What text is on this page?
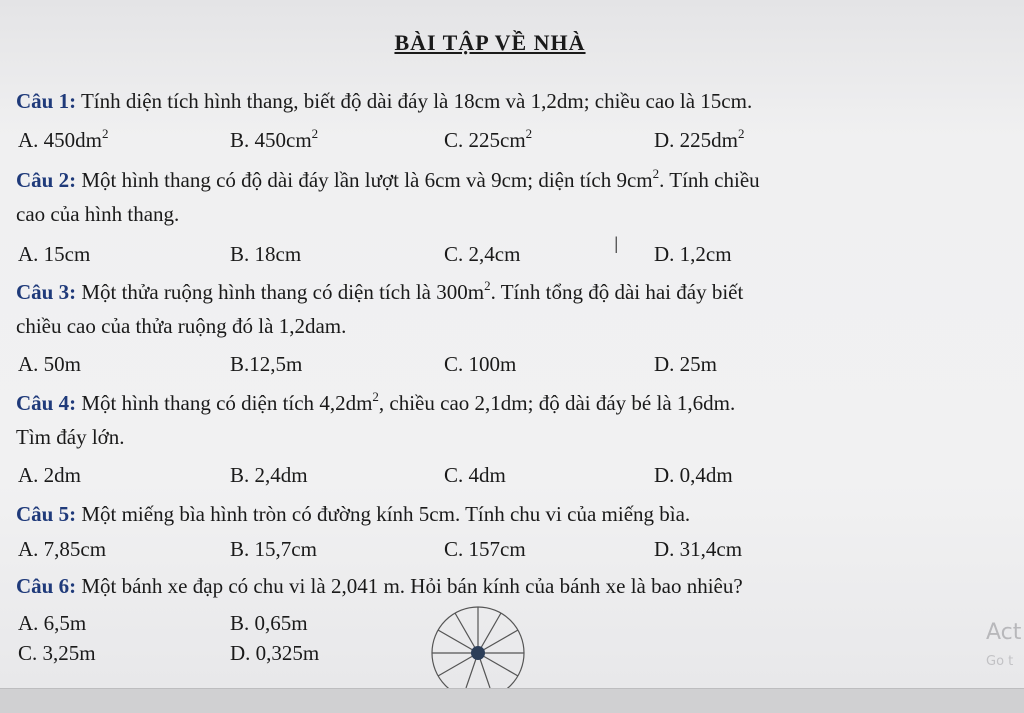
BÀI TẬP VỀ NHÀ
Câu 1: Tính diện tích hình thang, biết độ dài đáy là 18cm và 1,2dm; chiều cao là 15cm.
A. $450dm^2$	B. $450cm^2$	C. $225cm^2$	D. $225dm^2$
Câu 2: Một hình thang có độ dài đáy lần lượt là 6cm và 9cm; diện tích $9cm^2$. Tính chiều
cao của hình thang.
A. 15cm	B. 18cm	C. 2,4cm	D. 1,2cm
Câu 3: Một thửa ruộng hình thang có diện tích là $300m^2$. Tính tổng độ dài hai đáy biết
chiều cao của thửa ruộng đó là 1,2dam.
A. 50m	B.12,5m	C. 100m	D. 25m
Câu 4: Một hình thang có diện tích $4,2dm^2$, chiều cao 2,1dm; độ dài đáy bé là 1,6dm.
Tìm đáy lớn.
A. 2dm	B. 2,4dm	C. 4dm	D. 0,4dm
Câu 5: Một miếng bìa hình tròn có đường kính 5cm. Tính chu vi của miếng bìa.
A. 7,85cm	B. 15,7cm	C. 157cm	D. 31,4cm
Câu 6: Một bánh xe đạp có chu vi là 2,041 m. Hỏi bán kính của bánh xe là bao nhiêu?
A. 6,5m	B. 0,65m
C. 3,25m	D. 0,325m
I
Act
Go t
